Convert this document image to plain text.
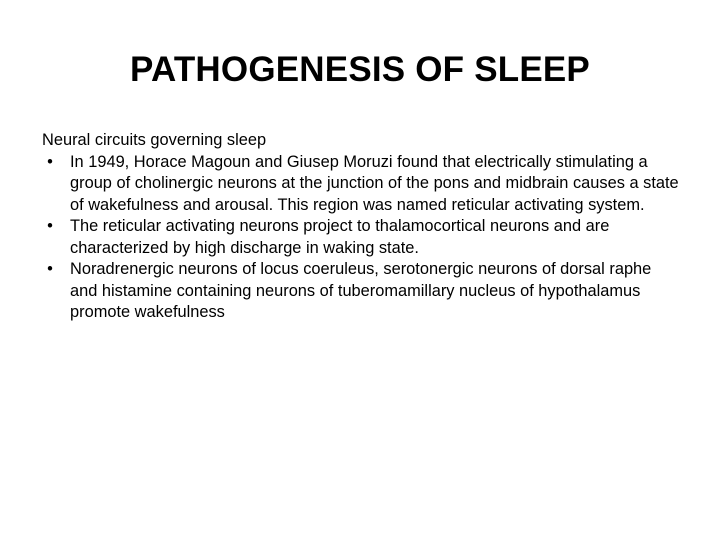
PATHOGENESIS OF SLEEP

Neural circuits governing sleep

• In 1949, Horace Magoun and Giusep Moruzi found that electrically stimulating a group of cholinergic neurons at the junction of the pons and midbrain causes a state of wakefulness and arousal. This region was named reticular activating system.
• The reticular activating neurons project to thalamocortical neurons and are characterized by high discharge in waking state.
• Noradrenergic neurons of locus coeruleus, serotonergic neurons of dorsal raphe and histamine containing neurons of tuberomamillary nucleus of hypothalamus promote wakefulness
